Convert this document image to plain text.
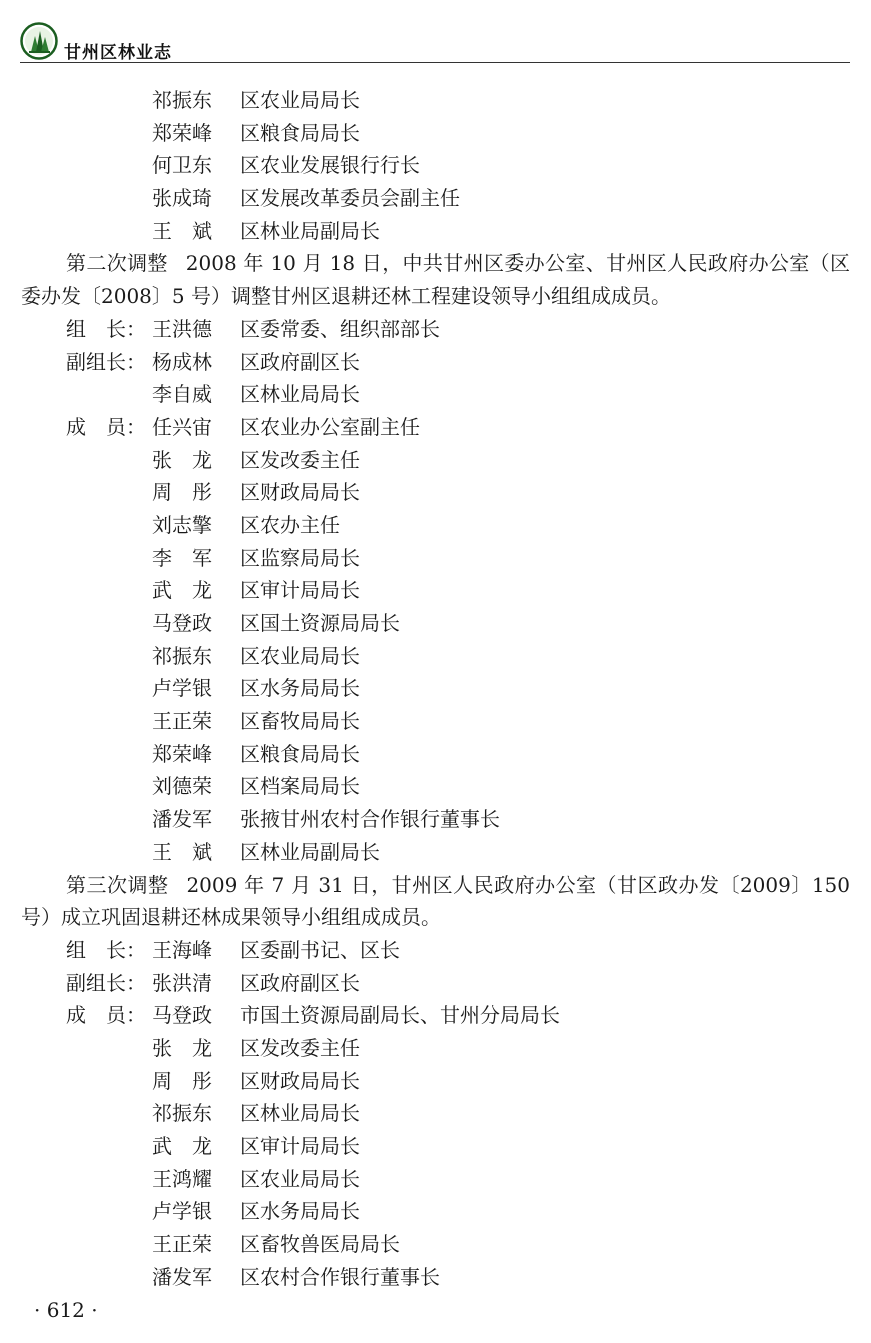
甘州区林业志
祁振东 区农业局局长
郑荣峰 区粮食局局长
何卫东 区农业发展银行行长
张成琦 区发展改革委员会副主任
王　斌 区林业局副局长

第二次调整 2008 年 10 月 18 日，中共甘州区委办公室、甘州区人民政府办公室（区委办发〔2008〕5 号）调整甘州区退耕还林工程建设领导小组组成成员。

组　长： 王洪德 区委常委、组织部部长
副组长： 杨成林 区政府副区长
李自威 区林业局局长
成　员： 任兴宙 区农业办公室副主任
张　龙 区发改委主任
周　彤 区财政局局长
刘志擎 区农办主任
李　军 区监察局局长
武　龙 区审计局局长
马登政 区国土资源局局长
祁振东 区农业局局长
卢学银 区水务局局长
王正荣 区畜牧局局长
郑荣峰 区粮食局局长
刘德荣 区档案局局长
潘发军 张掖甘州农村合作银行董事长
王　斌 区林业局副局长

第三次调整 2009 年 7 月 31 日，甘州区人民政府办公室（甘区政办发〔2009〕150 号）成立巩固退耕还林成果领导小组组成成员。

组　长： 王海峰 区委副书记、区长
副组长： 张洪清 区政府副区长
成　员： 马登政 市国土资源局副局长、甘州分局局长
张　龙 区发改委主任
周　彤 区财政局局长
祁振东 区林业局局长
武　龙 区审计局局长
王鸿耀 区农业局局长
卢学银 区水务局局长
王正荣 区畜牧兽医局局长
潘发军 区农村合作银行董事长
· 612 ·
